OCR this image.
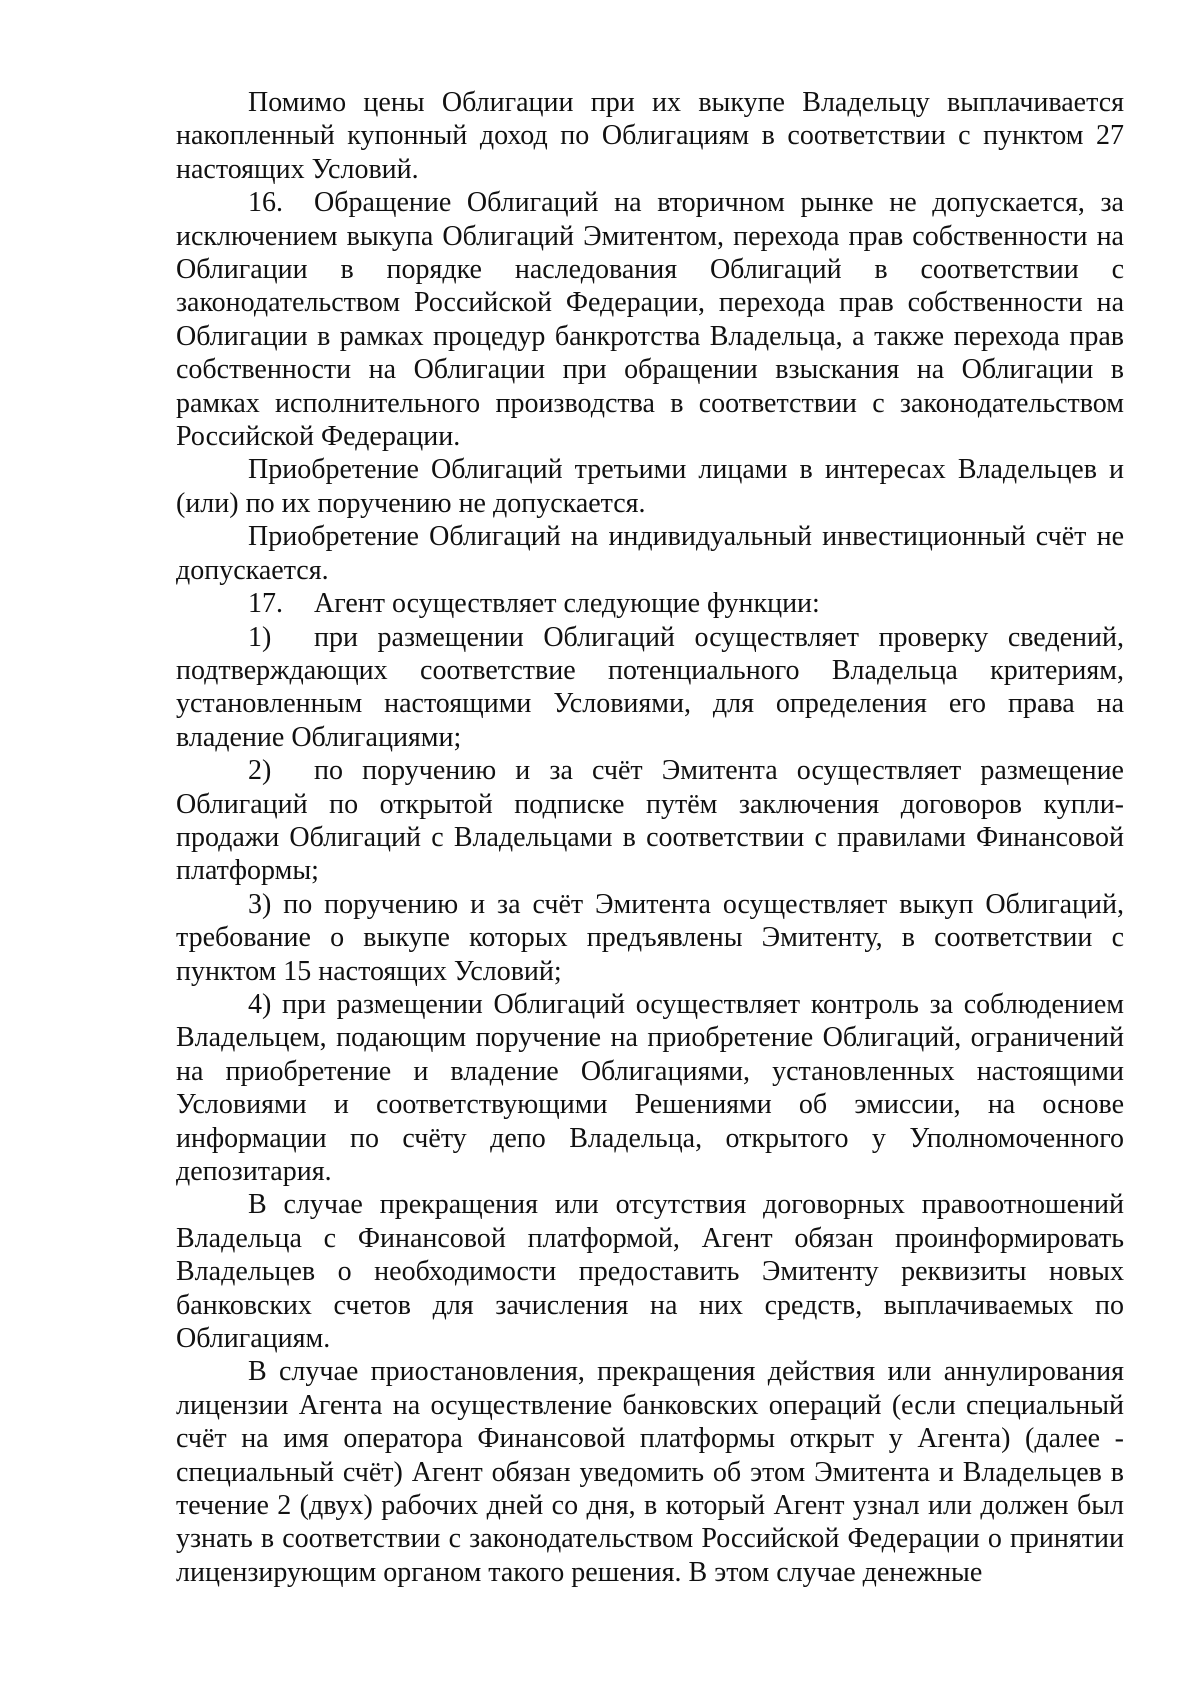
Помимо цены Облигации при их выкупе Владельцу выплачивается накопленный купонный доход по Облигациям в соответствии с пунктом 27 настоящих Условий.

16. Обращение Облигаций на вторичном рынке не допускается, за исключением выкупа Облигаций Эмитентом, перехода прав собственности на Облигации в порядке наследования Облигаций в соответствии с законодательством Российской Федерации, перехода прав собственности на Облигации в рамках процедур банкротства Владельца, а также перехода прав собственности на Облигации при обращении взыскания на Облигации в рамках исполнительного производства в соответствии с законодательством Российской Федерации.

Приобретение Облигаций третьими лицами в интересах Владельцев и (или) по их поручению не допускается.

Приобретение Облигаций на индивидуальный инвестиционный счёт не допускается.

17. Агент осуществляет следующие функции:

1) при размещении Облигаций осуществляет проверку сведений, подтверждающих соответствие потенциального Владельца критериям, установленным настоящими Условиями, для определения его права на владение Облигациями;

2) по поручению и за счёт Эмитента осуществляет размещение Облигаций по открытой подписке путём заключения договоров купли-продажи Облигаций с Владельцами в соответствии с правилами Финансовой платформы;

3) по поручению и за счёт Эмитента осуществляет выкуп Облигаций, требование о выкупе которых предъявлены Эмитенту, в соответствии с пунктом 15 настоящих Условий;

4) при размещении Облигаций осуществляет контроль за соблюдением Владельцем, подающим поручение на приобретение Облигаций, ограничений на приобретение и владение Облигациями, установленных настоящими Условиями и соответствующими Решениями об эмиссии, на основе информации по счёту депо Владельца, открытого у Уполномоченного депозитария.

В случае прекращения или отсутствия договорных правоотношений Владельца с Финансовой платформой, Агент обязан проинформировать Владельцев о необходимости предоставить Эмитенту реквизиты новых банковских счетов для зачисления на них средств, выплачиваемых по Облигациям.

В случае приостановления, прекращения действия или аннулирования лицензии Агента на осуществление банковских операций (если специальный счёт на имя оператора Финансовой платформы открыт у Агента) (далее - специальный счёт) Агент обязан уведомить об этом Эмитента и Владельцев в течение 2 (двух) рабочих дней со дня, в который Агент узнал или должен был узнать в соответствии с законодательством Российской Федерации о принятии лицензирующим органом такого решения. В этом случае денежные
